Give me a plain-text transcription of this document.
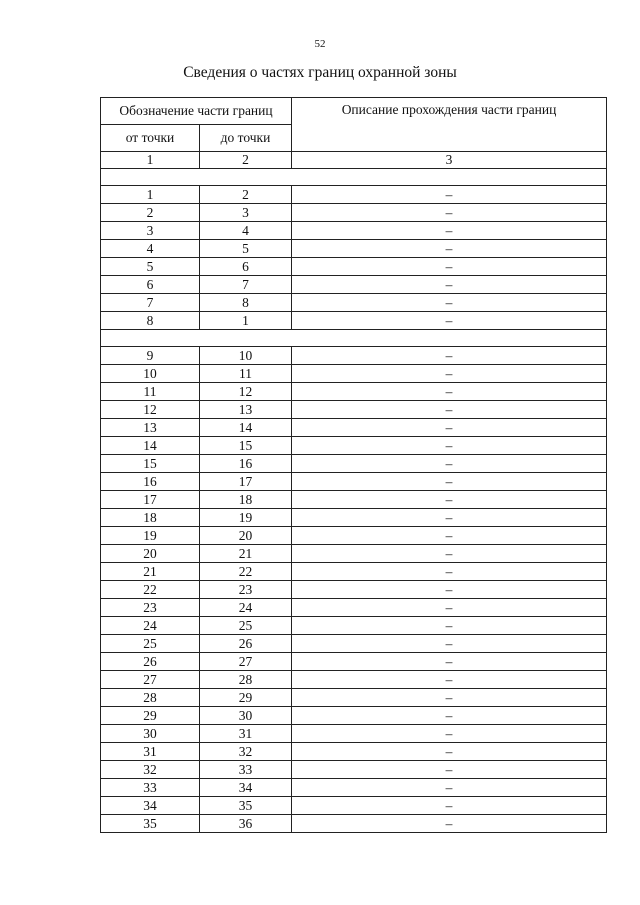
52
Сведения о частях границ охранной зоны
Обозначение части границ		Описание прохождения части границ
от точки	до точки	
1	2	3

1	2	–
2	3	–
3	4	–
4	5	–
5	6	–
6	7	–
7	8	–
8	1	–

9	10	–
10	11	–
11	12	–
12	13	–
13	14	–
14	15	–
15	16	–
16	17	–
17	18	–
18	19	–
19	20	–
20	21	–
21	22	–
22	23	–
23	24	–
24	25	–
25	26	–
26	27	–
27	28	–
28	29	–
29	30	–
30	31	–
31	32	–
32	33	–
33	34	–
34	35	–
35	36	–
